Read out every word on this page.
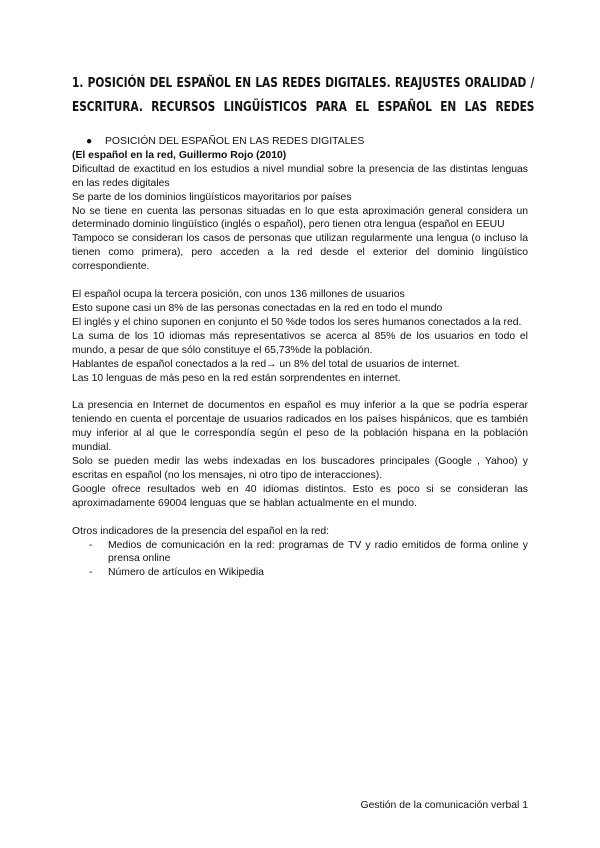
1. POSICIÓN DEL ESPAÑOL EN LAS REDES DIGITALES. REAJUSTES ORALIDAD /
ESCRITURA. RECURSOS LINGÜÍSTICOS PARA EL ESPAÑOL EN LAS REDES

● POSICIÓN DEL ESPAÑOL EN LAS REDES DIGITALES

(El español en la red, Guillermo Rojo (2010)

Dificultad de exactitud en los estudios a nivel mundial sobre la presencia de las distintas lenguas en las redes digitales

Se parte de los dominios lingüísticos mayoritarios por países

No se tiene en cuenta las personas situadas en lo que esta aproximación general considera un determinado dominio lingüístico (inglés o español), pero tienen otra lengua (español en EEUU

Tampoco se consideran los casos de personas que utilizan regularmente una lengua (o incluso la tienen como primera), pero acceden a la red desde el exterior del dominio lingüístico correspondiente.

El español ocupa la tercera posición, con unos 136 millones de usuarios

Esto supone casi un 8% de las personas conectadas en la red en todo el mundo

El inglés y el chino suponen en conjunto el 50 %de todos los seres humanos conectados a la red.

La suma de los 10 idiomas más representativos se acerca al 85% de los usuarios en todo el mundo, a pesar de que sólo constituye el 65,73%de la población.

Hablantes de español conectados a la red→ un 8% del total de usuarios de internet.

Las 10 lenguas de más peso en la red están sorprendentes en internet.

La presencia en Internet de documentos en español es muy inferior a la que se podría esperar teniendo en cuenta el porcentaje de usuarios radicados en los países hispánicos, que es también muy inferior al al que le correspondía según el peso de la población hispana en la población mundial.

Solo se pueden medir las webs indexadas en los buscadores principales (Google , Yahoo) y escritas en español (no los mensajes, ni otro tipo de interacciones).

Google ofrece resultados web en 40 idiomas distintos. Esto es poco si se consideran las aproximadamente 69004 lenguas que se hablan actualmente en el mundo.

Otros indicadores de la presencia del español en la red:

- Medios de comunicación en la red: programas de TV y radio emitidos de forma online y prensa online

- Número de artículos en Wikipedia

Gestión de la comunicación verbal 1
